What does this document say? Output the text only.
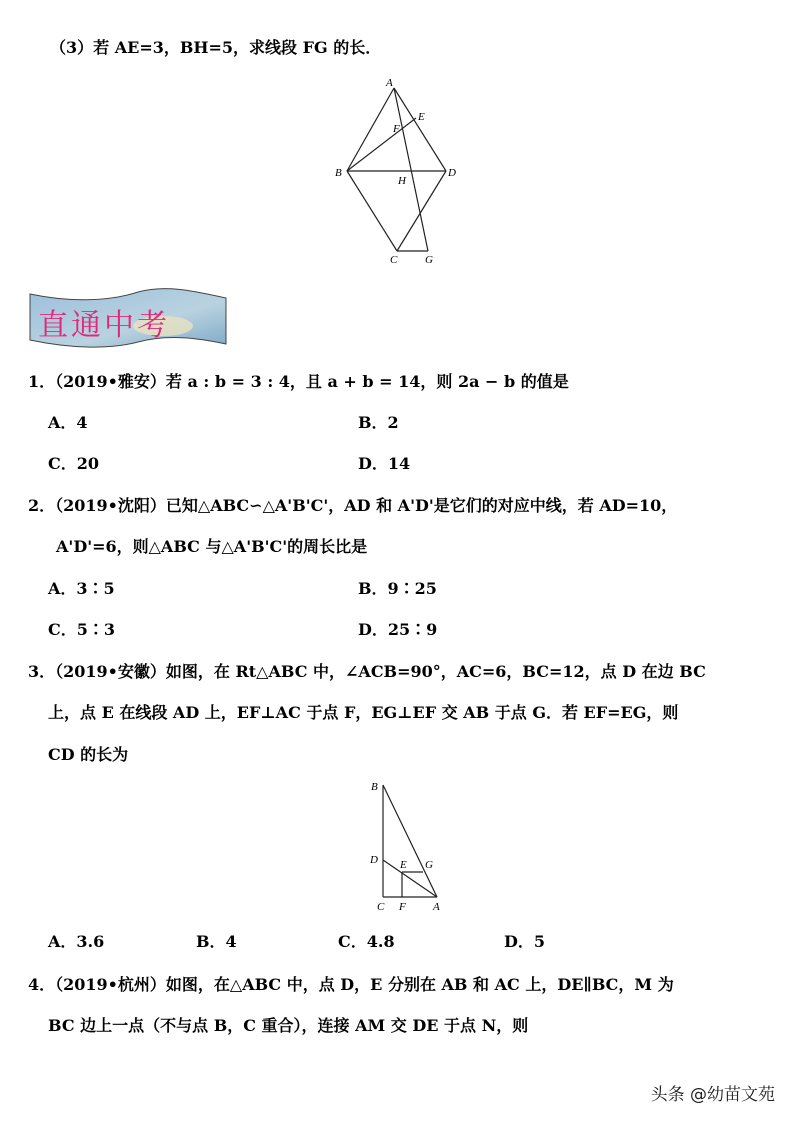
（3）若 AE=3，BH=5，求线段 FG 的长．
A
E
F
B
H
D
C	G
直通中考
1．（2019•雅安）若 a : b = 3 : 4，且 a + b = 14，则 2a − b 的值是
A．4	B．2
C．20	D．14
2．（2019•沈阳）已知△ABC∽△A'B'C'，AD 和 A'D'是它们的对应中线，若 AD=10，
A'D'=6，则△ABC 与△A'B'C'的周长比是
A．3∶5	B．9∶25
C．5∶3	D．25∶9
3．（2019•安徽）如图，在 Rt△ABC 中，∠ACB=90°，AC=6，BC=12，点 D 在边 BC
上，点 E 在线段 AD 上，EF⊥AC 于点 F，EG⊥EF 交 AB 于点 G．若 EF=EG，则
CD 的长为
B
D E G
C F A
A．3.6	B．4	C．4.8	D．5
4．（2019•杭州）如图，在△ABC 中，点 D，E 分别在 AB 和 AC 上，DE∥BC，M 为
BC 边上一点（不与点 B，C 重合），连接 AM 交 DE 于点 N，则
头条 @幼苗文苑
